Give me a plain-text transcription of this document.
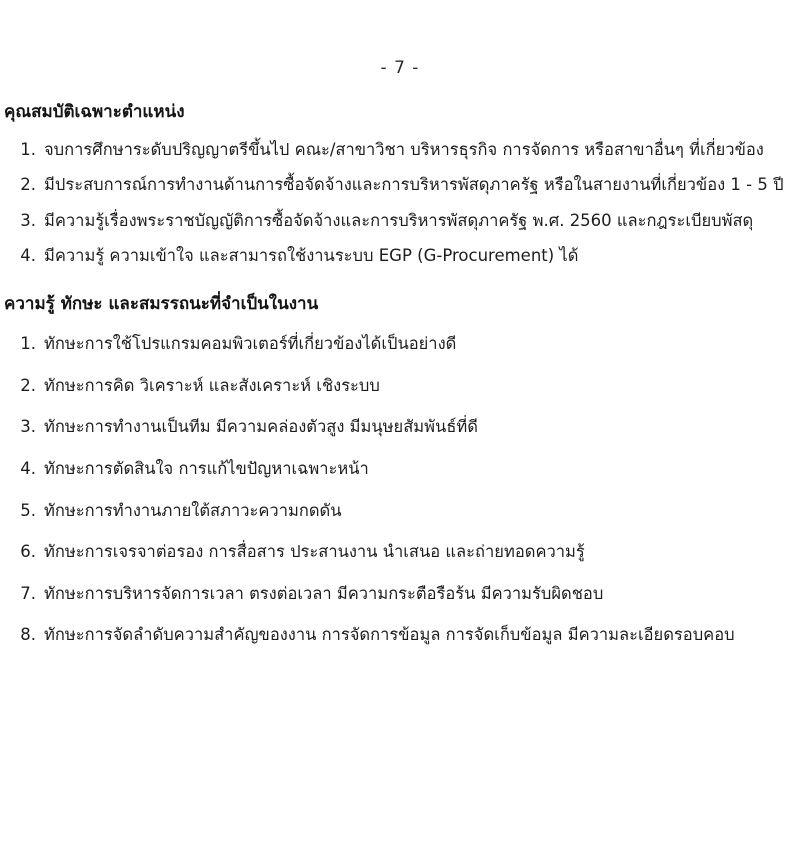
- 7 -
คุณสมบัติเฉพาะตำแหน่ง
1. จบการศึกษาระดับปริญญาตรีขึ้นไป คณะ/สาขาวิชา บริหารธุรกิจ การจัดการ หรือสาขาอื่นๆ ที่เกี่ยวข้อง
2. มีประสบการณ์การทำงานด้านการซื้อจัดจ้างและการบริหารพัสดุภาครัฐ หรือในสายงานที่เกี่ยวข้อง 1 - 5 ปี
3. มีความรู้เรื่องพระราชบัญญัติการซื้อจัดจ้างและการบริหารพัสดุภาครัฐ พ.ศ. 2560 และกฎระเบียบพัสดุ
4. มีความรู้ ความเข้าใจ และสามารถใช้งานระบบ EGP (G-Procurement) ได้
ความรู้ ทักษะ และสมรรถนะที่จำเป็นในงาน
1. ทักษะการใช้โปรแกรมคอมพิวเตอร์ที่เกี่ยวข้องได้เป็นอย่างดี
2. ทักษะการคิด วิเคราะห์ และสังเคราะห์ เชิงระบบ
3. ทักษะการทำงานเป็นทีม มีความคล่องตัวสูง มีมนุษยสัมพันธ์ที่ดี
4. ทักษะการตัดสินใจ การแก้ไขปัญหาเฉพาะหน้า
5. ทักษะการทำงานภายใต้สภาวะความกดดัน
6. ทักษะการเจรจาต่อรอง การสื่อสาร ประสานงาน นำเสนอ และถ่ายทอดความรู้
7. ทักษะการบริหารจัดการเวลา ตรงต่อเวลา มีความกระตือรือร้น มีความรับผิดชอบ
8. ทักษะการจัดลำดับความสำคัญของงาน การจัดการข้อมูล การจัดเก็บข้อมูล มีความละเอียดรอบคอบ
